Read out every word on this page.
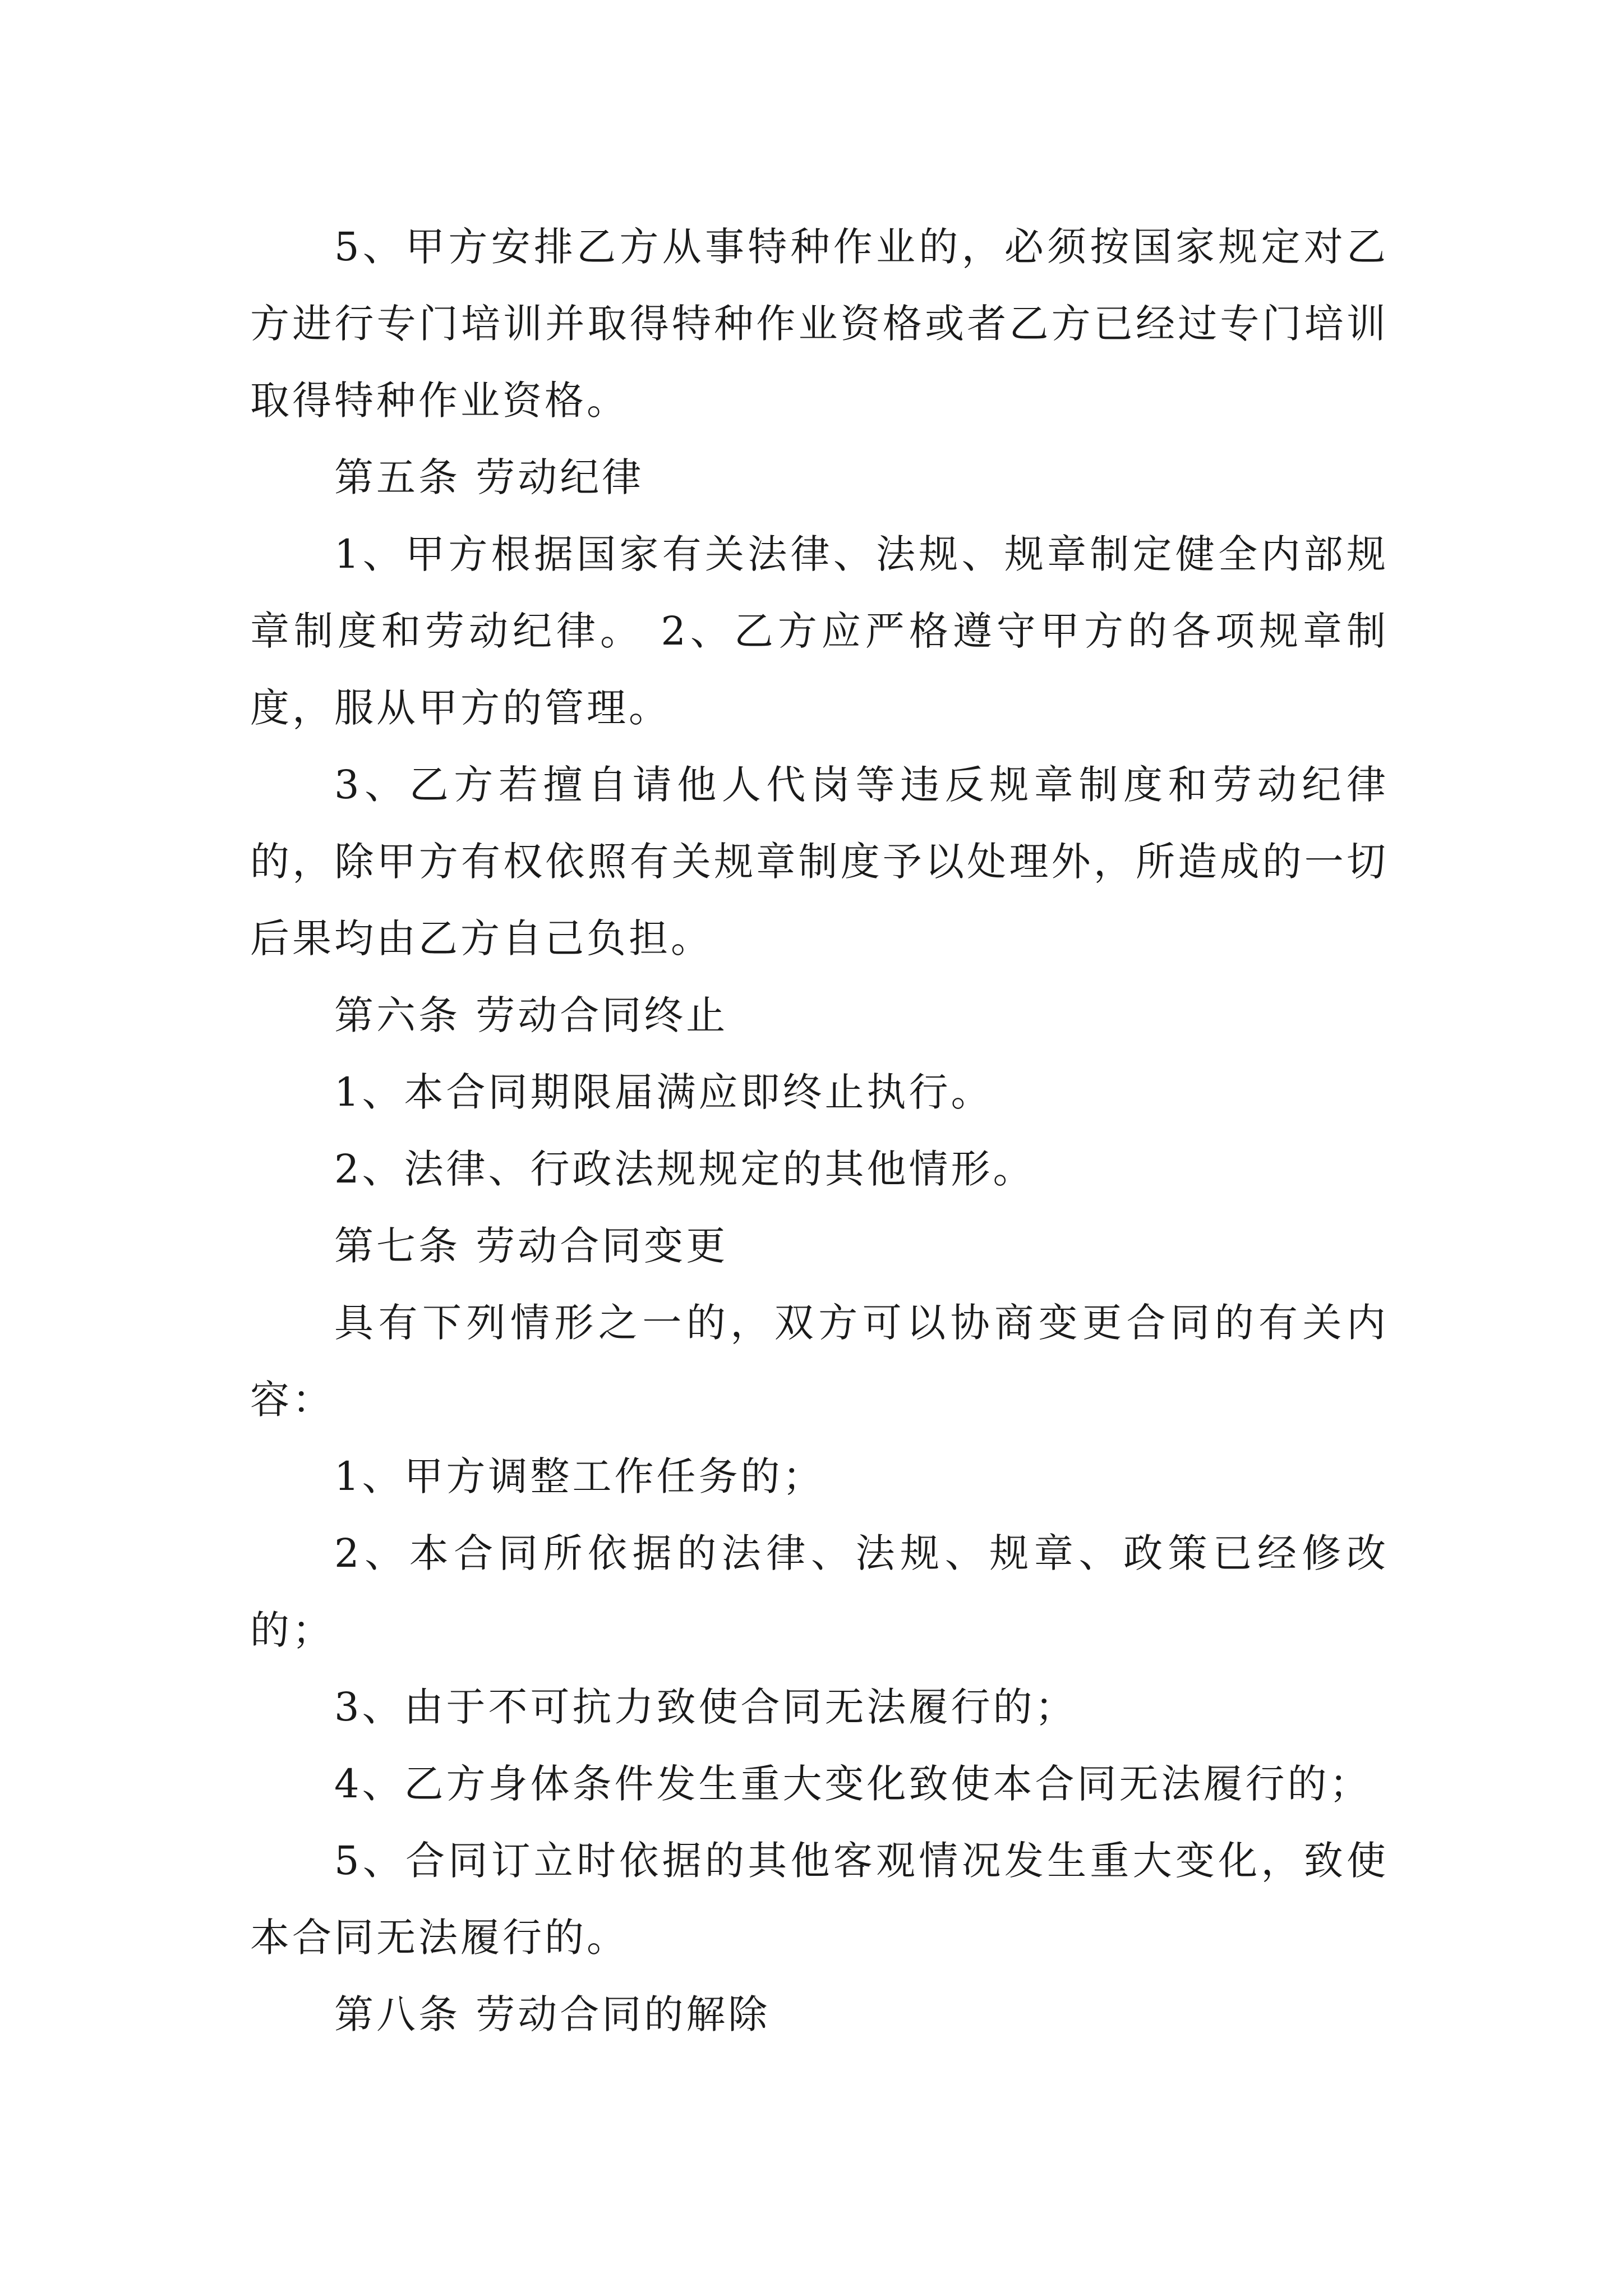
5、甲方安排乙方从事特种作业的，必须按国家规定对乙方进行专门培训并取得特种作业资格或者乙方已经过专门培训取得特种作业资格。

第五条 劳动纪律

1、甲方根据国家有关法律、法规、规章制定健全内部规章制度和劳动纪律。 2、乙方应严格遵守甲方的各项规章制度，服从甲方的管理。

3、乙方若擅自请他人代岗等违反规章制度和劳动纪律的，除甲方有权依照有关规章制度予以处理外，所造成的一切后果均由乙方自己负担。

第六条 劳动合同终止

1、本合同期限届满应即终止执行。

2、法律、行政法规规定的其他情形。

第七条 劳动合同变更

具有下列情形之一的，双方可以协商变更合同的有关内容：

1、甲方调整工作任务的；

2、本合同所依据的法律、法规、规章、政策已经修改的；

3、由于不可抗力致使合同无法履行的；

4、乙方身体条件发生重大变化致使本合同无法履行的；

5、合同订立时依据的其他客观情况发生重大变化，致使本合同无法履行的。

第八条 劳动合同的解除
